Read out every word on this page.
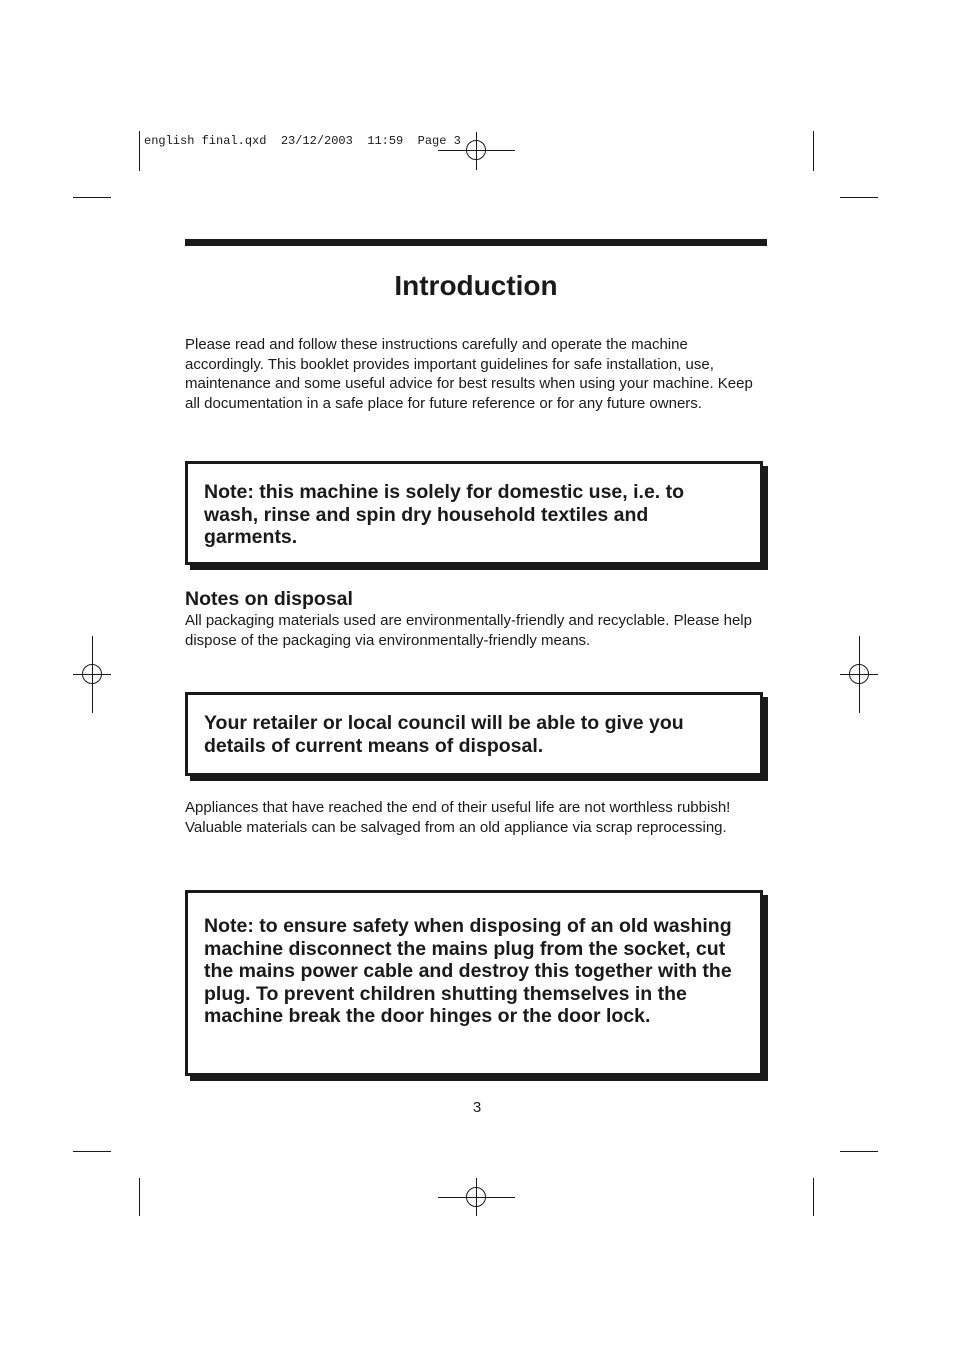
english final.qxd  23/12/2003  11:59  Page 3
Introduction

Please read and follow these instructions carefully and operate the machine accordingly. This booklet provides important guidelines for safe installation, use, maintenance and some useful advice for best results when using your machine. Keep all documentation in a safe place for future reference or for any future owners.

Note: this machine is solely for domestic use, i.e. to wash, rinse and spin dry household textiles and garments.

Notes on disposal

All packaging materials used are environmentally-friendly and recyclable. Please help dispose of the packaging via environmentally-friendly means.

Your retailer or local council will be able to give you details of current means of disposal.

Appliances that have reached the end of their useful life are not worthless rubbish! Valuable materials can be salvaged from an old appliance via scrap reprocessing.

Note: to ensure safety when disposing of an old washing machine disconnect the mains plug from the socket, cut the mains power cable and destroy this together with the plug. To prevent children shutting themselves in the machine break the door hinges or the door lock.

3
